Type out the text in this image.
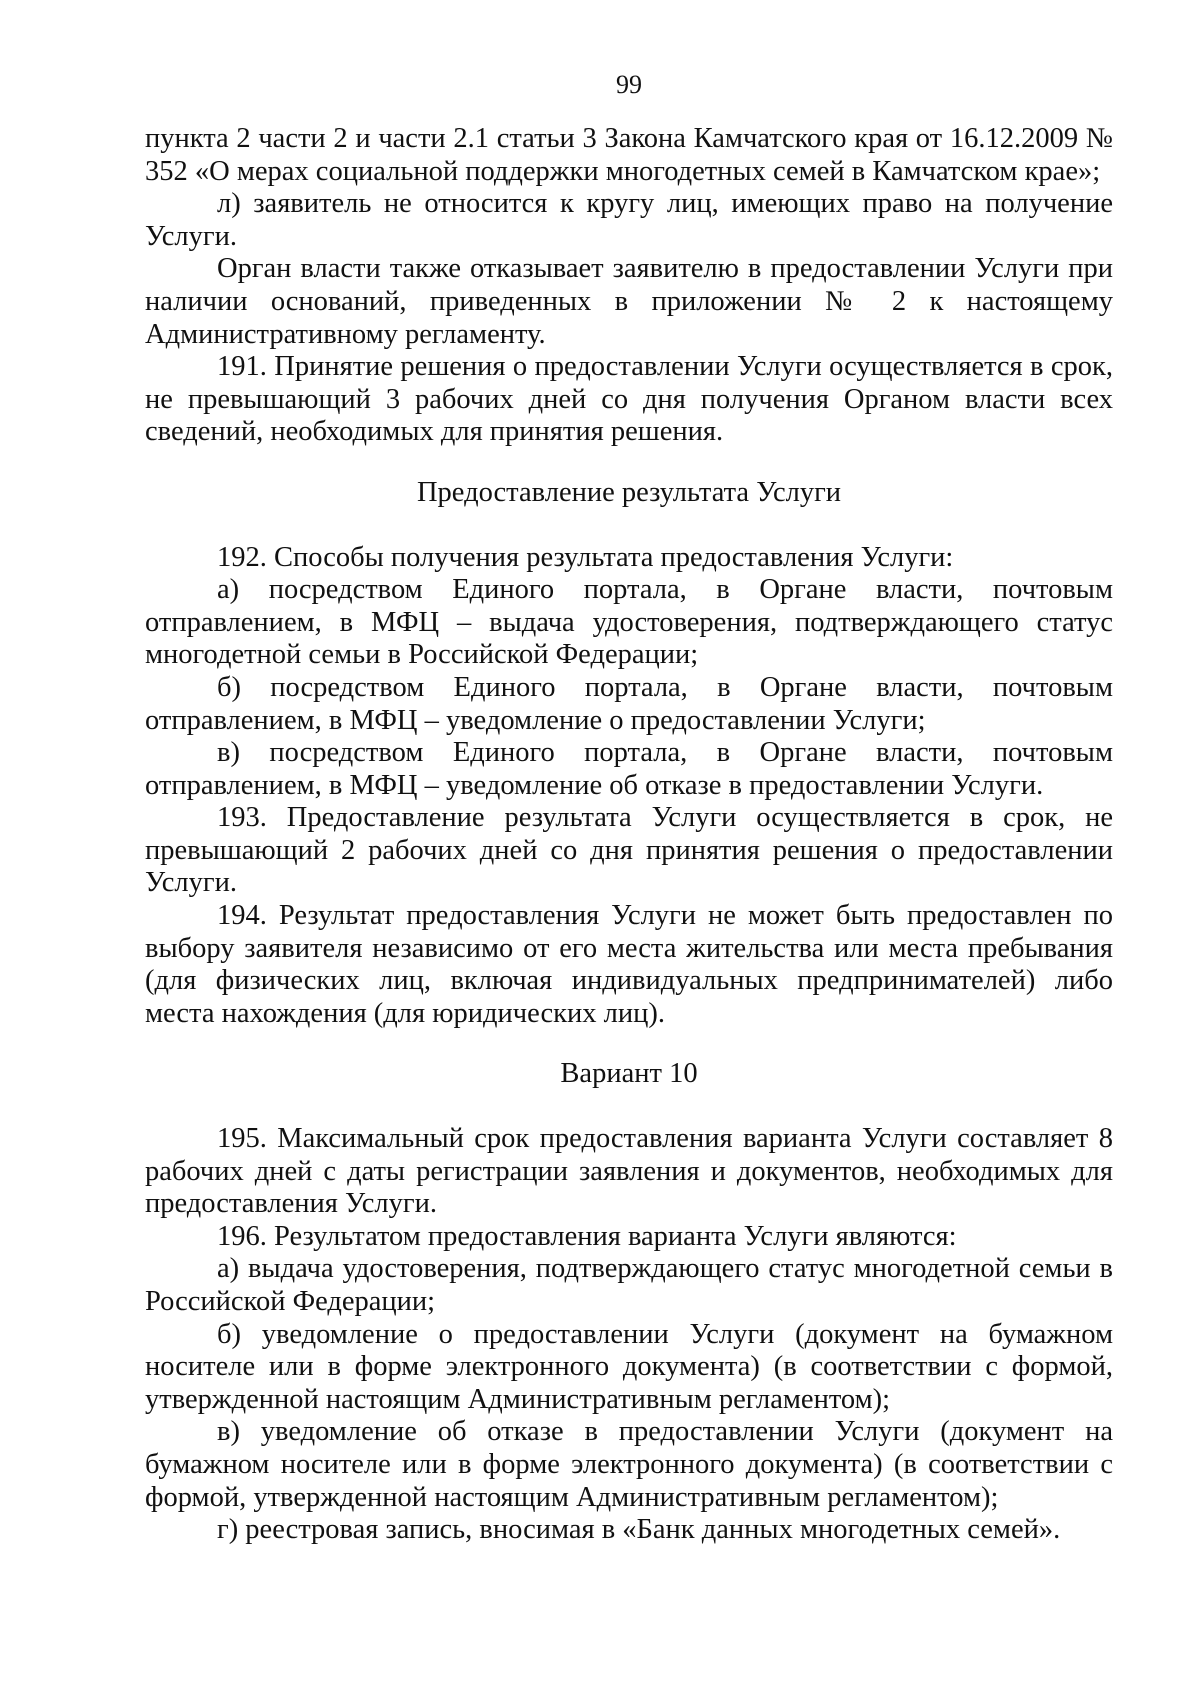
99

пункта 2 части 2 и части 2.1 статьи 3 Закона Камчатского края от 16.12.2009 № 352 «О мерах социальной поддержки многодетных семей в Камчатском крае»;

л) заявитель не относится к кругу лиц, имеющих право на получение Услуги.

Орган власти также отказывает заявителю в предоставлении Услуги при наличии оснований, приведенных в приложении № 2 к настоящему Административному регламенту.

191. Принятие решения о предоставлении Услуги осуществляется в срок, не превышающий 3 рабочих дней со дня получения Органом власти всех сведений, необходимых для принятия решения.

Предоставление результата Услуги

192. Способы получения результата предоставления Услуги:

а) посредством Единого портала, в Органе власти, почтовым отправлением, в МФЦ – выдача удостоверения, подтверждающего статус многодетной семьи в Российской Федерации;

б) посредством Единого портала, в Органе власти, почтовым отправлением, в МФЦ – уведомление о предоставлении Услуги;

в) посредством Единого портала, в Органе власти, почтовым отправлением, в МФЦ – уведомление об отказе в предоставлении Услуги.

193. Предоставление результата Услуги осуществляется в срок, не превышающий 2 рабочих дней со дня принятия решения о предоставлении Услуги.

194. Результат предоставления Услуги не может быть предоставлен по выбору заявителя независимо от его места жительства или места пребывания (для физических лиц, включая индивидуальных предпринимателей) либо места нахождения (для юридических лиц).

Вариант 10

195. Максимальный срок предоставления варианта Услуги составляет 8 рабочих дней с даты регистрации заявления и документов, необходимых для предоставления Услуги.

196. Результатом предоставления варианта Услуги являются:

а) выдача удостоверения, подтверждающего статус многодетной семьи в Российской Федерации;

б) уведомление о предоставлении Услуги (документ на бумажном носителе или в форме электронного документа) (в соответствии с формой, утвержденной настоящим Административным регламентом);

в) уведомление об отказе в предоставлении Услуги (документ на бумажном носителе или в форме электронного документа) (в соответствии с формой, утвержденной настоящим Административным регламентом);

г) реестровая запись, вносимая в «Банк данных многодетных семей».
